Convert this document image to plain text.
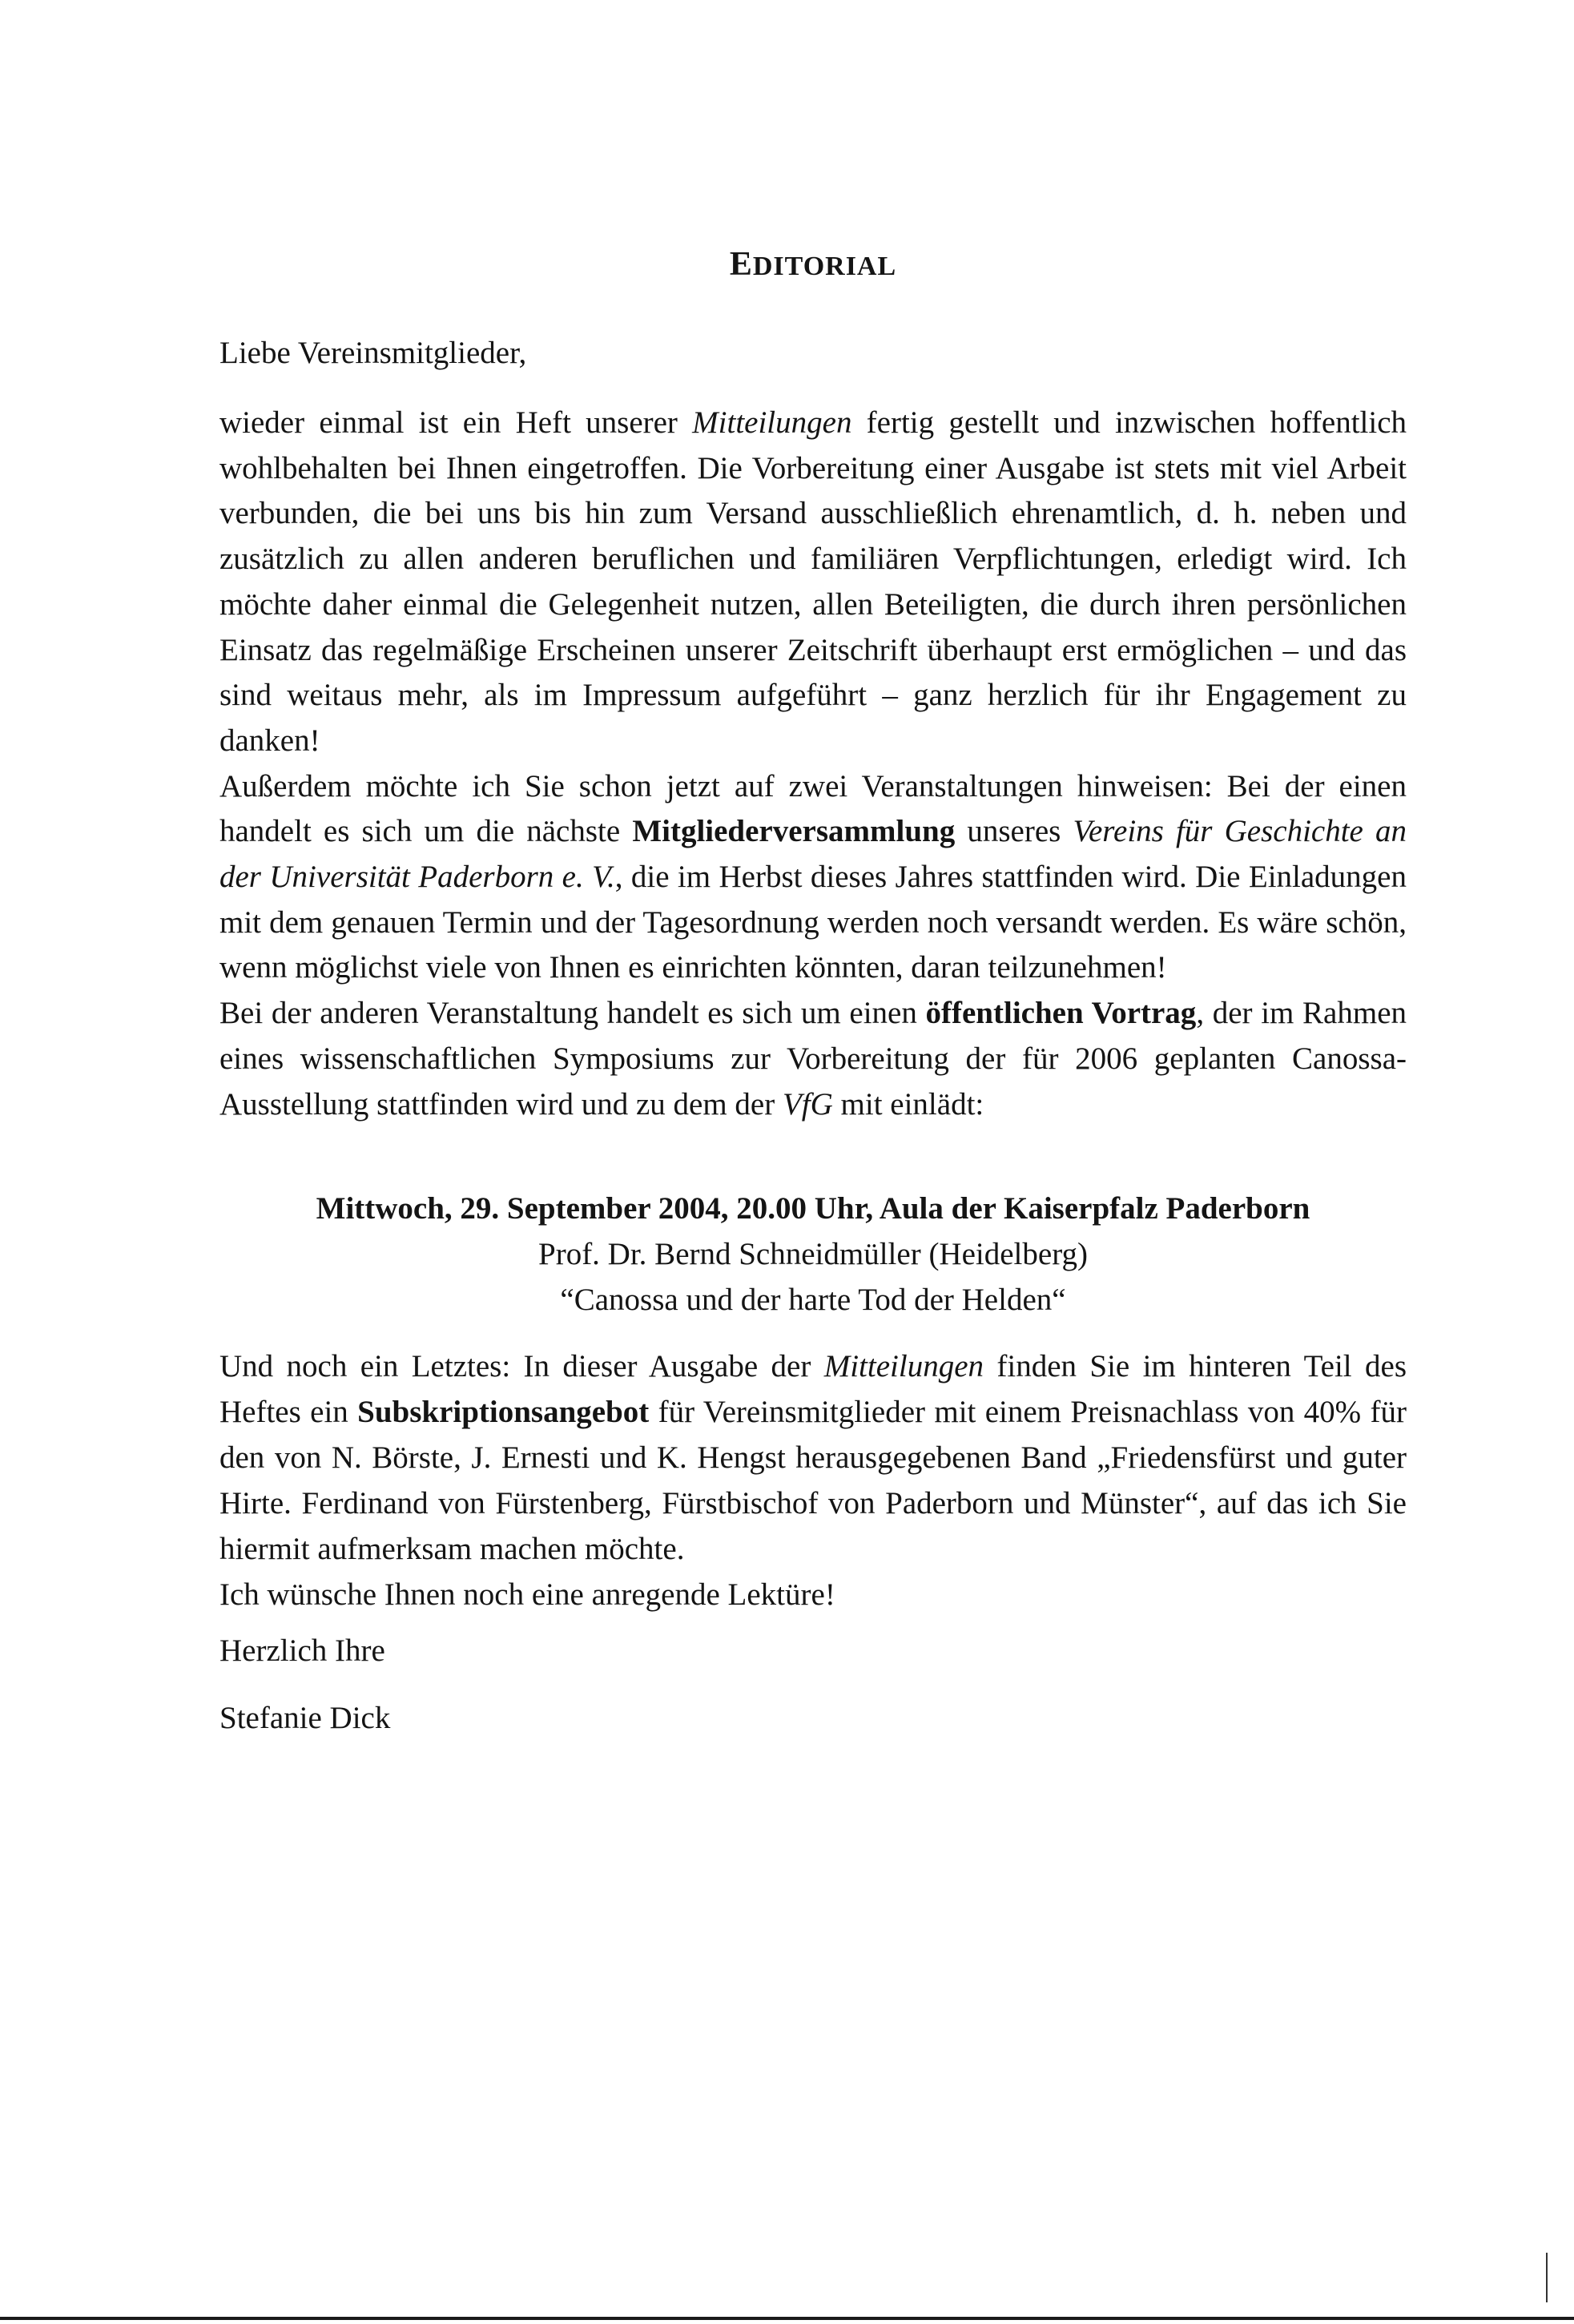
EDITORIAL
Liebe Vereinsmitglieder,

wieder einmal ist ein Heft unserer Mitteilungen fertig gestellt und inzwischen hoffentlich wohlbehalten bei Ihnen eingetroffen. Die Vorbereitung einer Ausgabe ist stets mit viel Arbeit verbunden, die bei uns bis hin zum Versand ausschließlich ehrenamtlich, d. h. neben und zusätzlich zu allen anderen beruflichen und familiären Verpflichtungen, erledigt wird. Ich möchte daher einmal die Gelegenheit nutzen, allen Beteiligten, die durch ihren persönlichen Einsatz das regelmäßige Erscheinen unserer Zeitschrift überhaupt erst ermöglichen – und das sind weitaus mehr, als im Impressum aufgeführt – ganz herzlich für ihr Engagement zu danken!

Außerdem möchte ich Sie schon jetzt auf zwei Veranstaltungen hinweisen: Bei der einen handelt es sich um die nächste Mitgliederversammlung unseres Vereins für Geschichte an der Universität Paderborn e. V., die im Herbst dieses Jahres stattfinden wird. Die Einladungen mit dem genauen Termin und der Tagesordnung werden noch versandt werden. Es wäre schön, wenn möglichst viele von Ihnen es einrichten könnten, daran teilzunehmen!

Bei der anderen Veranstaltung handelt es sich um einen öffentlichen Vortrag, der im Rahmen eines wissenschaftlichen Symposiums zur Vorbereitung der für 2006 geplanten Canossa-Ausstellung stattfinden wird und zu dem der VfG mit einlädt:

Mittwoch, 29. September 2004, 20.00 Uhr, Aula der Kaiserpfalz Paderborn
Prof. Dr. Bernd Schneidmüller (Heidelberg)
“Canossa und der harte Tod der Helden“

Und noch ein Letztes: In dieser Ausgabe der Mitteilungen finden Sie im hinteren Teil des Heftes ein Subskriptionsangebot für Vereinsmitglieder mit einem Preisnachlass von 40% für den von N. Börste, J. Ernesti und K. Hengst herausgegebenen Band „Friedensfürst und guter Hirte. Ferdinand von Fürstenberg, Fürstbischof von Paderborn und Münster“, auf das ich Sie hiermit aufmerksam machen möchte.

Ich wünsche Ihnen noch eine anregende Lektüre!

Herzlich Ihre
Stefanie Dick
